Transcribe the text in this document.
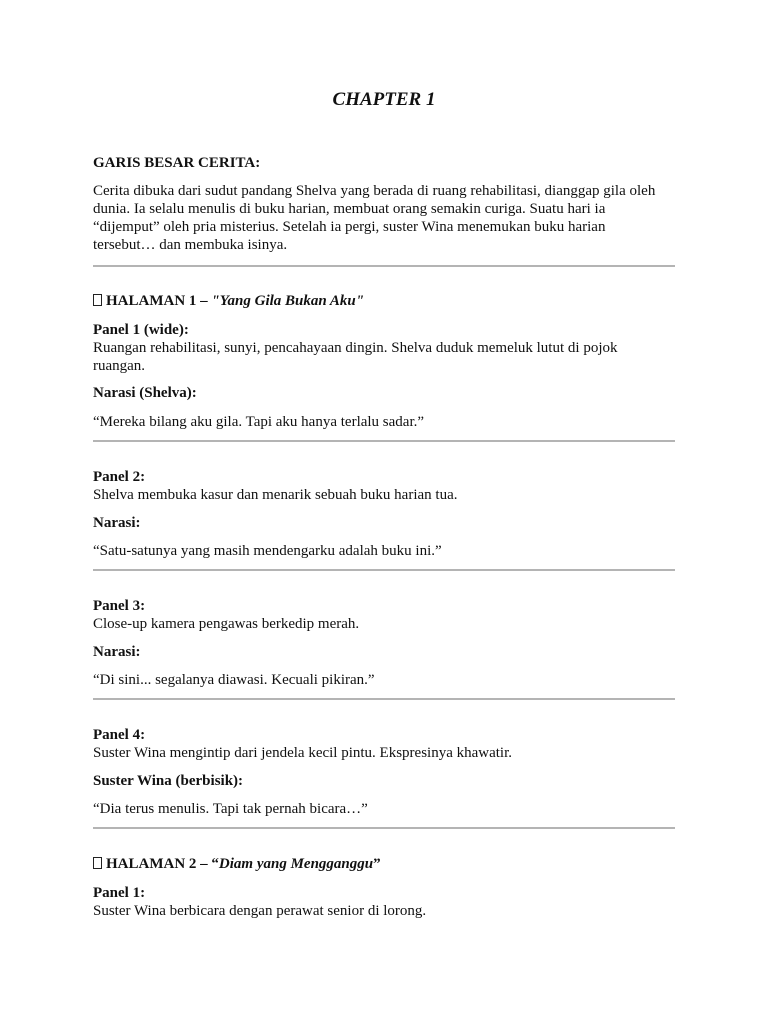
CHAPTER 1

GARIS BESAR CERITA:

Cerita dibuka dari sudut pandang Shelva yang berada di ruang rehabilitasi, dianggap gila oleh
dunia. Ia selalu menulis di buku harian, membuat orang semakin curiga. Suatu hari ia
“dijemput” oleh pria misterius. Setelah ia pergi, suster Wina menemukan buku harian
tersebut… dan membuka isinya.

HALAMAN 1 – "Yang Gila Bukan Aku"

Panel 1 (wide):
Ruangan rehabilitasi, sunyi, pencahayaan dingin. Shelva duduk memeluk lutut di pojok
ruangan.

Narasi (Shelva):

“Mereka bilang aku gila. Tapi aku hanya terlalu sadar.”

Panel 2:
Shelva membuka kasur dan menarik sebuah buku harian tua.

Narasi:

“Satu-satunya yang masih mendengarku adalah buku ini.”

Panel 3:
Close-up kamera pengawas berkedip merah.

Narasi:

“Di sini... segalanya diawasi. Kecuali pikiran.”

Panel 4:
Suster Wina mengintip dari jendela kecil pintu. Ekspresinya khawatir.

Suster Wina (berbisik):

“Dia terus menulis. Tapi tak pernah bicara…”

HALAMAN 2 – “Diam yang Mengganggu”

Panel 1:
Suster Wina berbicara dengan perawat senior di lorong.
